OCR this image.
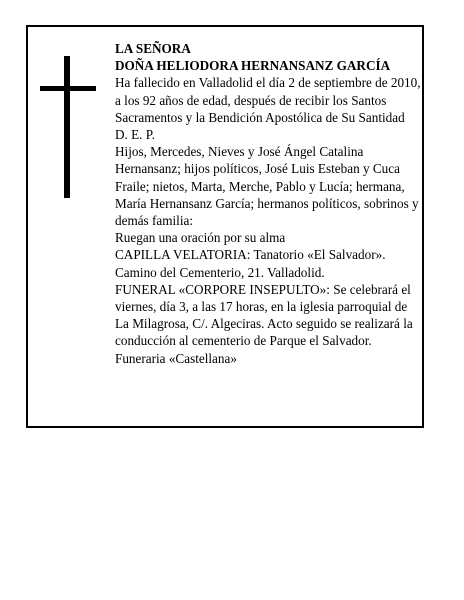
LA SEÑORA

DOÑA HELIODORA HERNANSANZ GARCÍA

Ha fallecido en Valladolid el día 2 de septiembre de 2010, a los 92 años de edad, después de recibir los Santos Sacramentos y la Bendición Apostólica de Su Santidad

D. E. P.

Hijos, Mercedes, Nieves y José Ángel Catalina Hernansanz; hijos políticos, José Luis Esteban y Cuca Fraile; nietos, Marta, Merche, Pablo y Lucía; hermana, María Hernansanz García; hermanos políticos, sobrinos y demás familia:

Ruegan una oración por su alma

CAPILLA VELATORIA: Tanatorio «El Salvador». Camino del Cementerio, 21. Valladolid.

FUNERAL «CORPORE INSEPULTO»: Se celebrará el viernes, día 3, a las 17 horas, en la iglesia parroquial de La Milagrosa, C/. Algeciras. Acto seguido se realizará la conducción al cementerio de Parque el Salvador.

Funeraria «Castellana»
